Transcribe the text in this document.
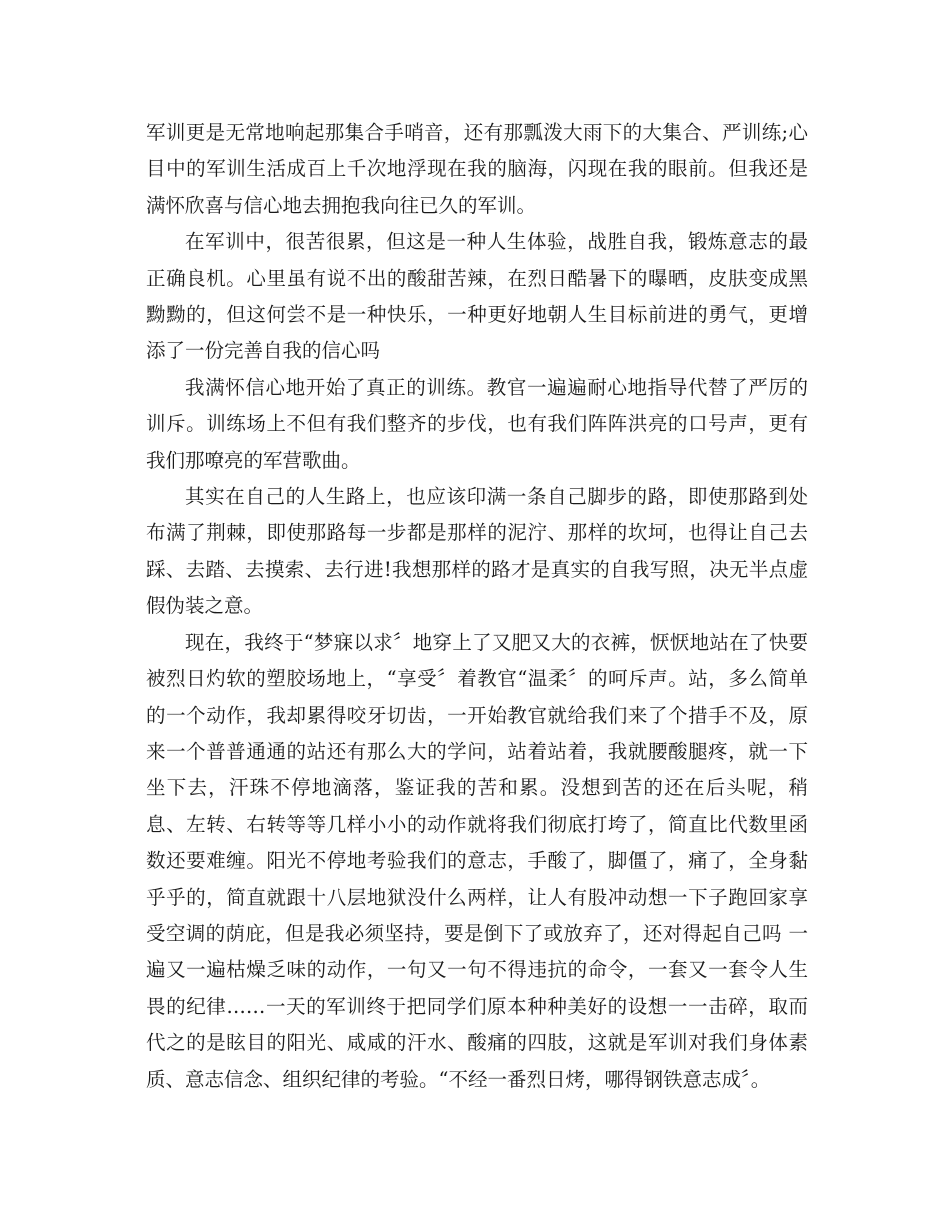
军训更是无常地响起那集合手哨音，还有那瓢泼大雨下的大集合、严训练;心目中的军训生活成百上千次地浮现在我的脑海，闪现在我的眼前。但我还是满怀欣喜与信心地去拥抱我向往已久的军训。

在军训中，很苦很累，但这是一种人生体验，战胜自我，锻炼意志的最正确良机。心里虽有说不出的酸甜苦辣，在烈日酷暑下的曝晒，皮肤变成黑黝黝的，但这何尝不是一种快乐，一种更好地朝人生目标前进的勇气，更增添了一份完善自我的信心吗

我满怀信心地开始了真正的训练。教官一遍遍耐心地指导代替了严厉的训斥。训练场上不但有我们整齐的步伐，也有我们阵阵洪亮的口号声，更有我们那嘹亮的军营歌曲。

其实在自己的人生路上，也应该印满一条自己脚步的路，即使那路到处布满了荆棘，即使那路每一步都是那样的泥泞、那样的坎坷，也得让自己去踩、去踏、去摸索、去行进!我想那样的路才是真实的自我写照，决无半点虚假伪装之意。

现在，我终于“梦寐以求〞地穿上了又肥又大的衣裤，恹恹地站在了快要被烈日灼软的塑胶场地上，“享受〞着教官“温柔〞的呵斥声。站，多么简单的一个动作，我却累得咬牙切齿，一开始教官就给我们来了个措手不及，原来一个普普通通的站还有那么大的学问，站着站着，我就腰酸腿疼，就一下坐下去，汗珠不停地滴落，鉴证我的苦和累。没想到苦的还在后头呢，稍息、左转、右转等等几样小小的动作就将我们彻底打垮了，简直比代数里函数还要难缠。阳光不停地考验我们的意志，手酸了，脚僵了，痛了，全身黏乎乎的，简直就跟十八层地狱没什么两样，让人有股冲动想一下子跑回家享受空调的荫庇，但是我必须坚持，要是倒下了或放弃了，还对得起自己吗 一遍又一遍枯燥乏味的动作，一句又一句不得违抗的命令，一套又一套令人生畏的纪律……一天的军训终于把同学们原本种种美好的设想一一击碎，取而代之的是眩目的阳光、咸咸的汗水、酸痛的四肢，这就是军训对我们身体素质、意志信念、组织纪律的考验。“不经一番烈日烤，哪得钢铁意志成〞。
